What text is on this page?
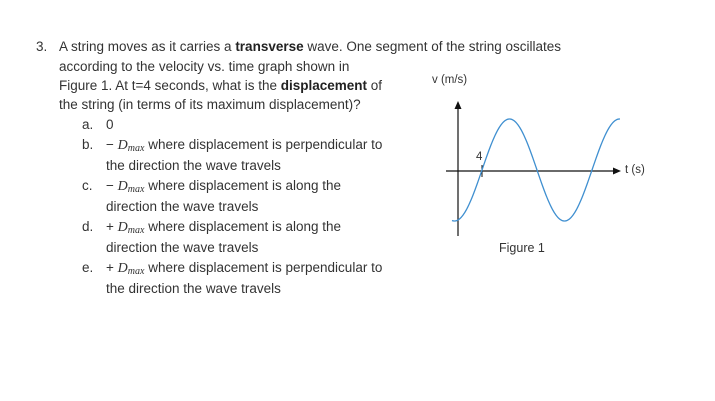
3. A string moves as it carries a transverse wave. One segment of the string oscillates
according to the velocity vs. time graph shown in
Figure 1. At t=4 seconds, what is the displacement of
the string (in terms of its maximum displacement)?
a. 0
b. − $D_{max}$ where displacement is perpendicular to
the direction the wave travels
c. − $D_{max}$ where displacement is along the
direction the wave travels
d. + $D_{max}$ where displacement is along the
direction the wave travels
e. + $D_{max}$ where displacement is perpendicular to
the direction the wave travels
v (m/s)
t (s)
4
Figure 1
